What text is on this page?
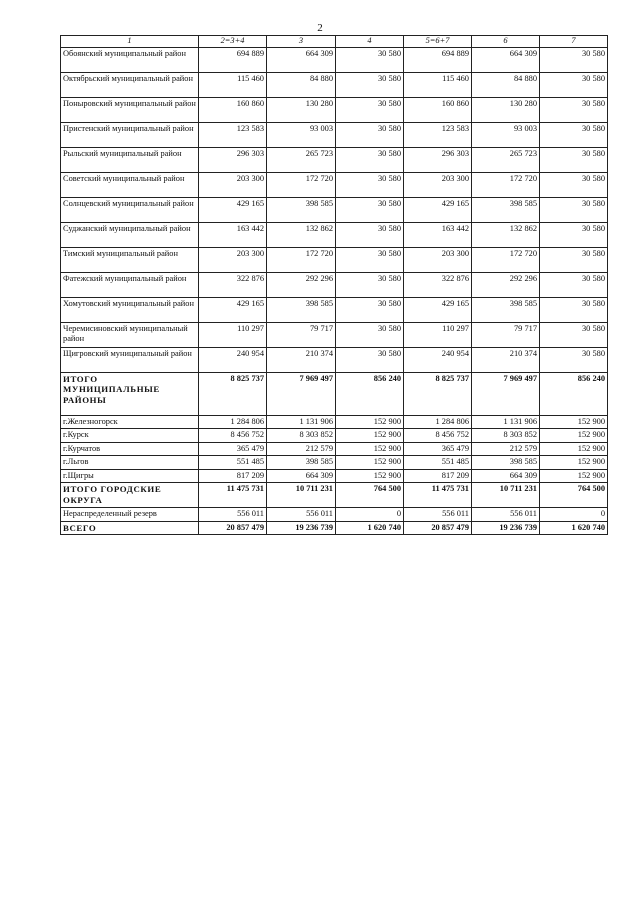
2
1	2=3+4	3	4	5=6+7	6	7
Обоянский муниципальный район	694 889	664 309	30 580	694 889	664 309	30 580
Октябрьский муниципальный район	115 460	84 880	30 580	115 460	84 880	30 580
Поныровский муниципальный район	160 860	130 280	30 580	160 860	130 280	30 580
Пристенский муниципальный район	123 583	93 003	30 580	123 583	93 003	30 580
Рыльский муниципальный район	296 303	265 723	30 580	296 303	265 723	30 580
Советский муниципальный район	203 300	172 720	30 580	203 300	172 720	30 580
Солнцевский муниципальный район	429 165	398 585	30 580	429 165	398 585	30 580
Суджанский муниципальный район	163 442	132 862	30 580	163 442	132 862	30 580
Тимский муниципальный район	203 300	172 720	30 580	203 300	172 720	30 580
Фатежский муниципальный район	322 876	292 296	30 580	322 876	292 296	30 580
Хомутовский муниципальный район	429 165	398 585	30 580	429 165	398 585	30 580
Черемисиновский муниципальный район	110 297	79 717	30 580	110 297	79 717	30 580
Щигровский муниципальный район	240 954	210 374	30 580	240 954	210 374	30 580
ИТОГО МУНИЦИПАЛЬНЫЕ РАЙОНЫ	8 825 737	7 969 497	856 240	8 825 737	7 969 497	856 240
г.Железногорск	1 284 806	1 131 906	152 900	1 284 806	1 131 906	152 900
г.Курск	8 456 752	8 303 852	152 900	8 456 752	8 303 852	152 900
г.Курчатов	365 479	212 579	152 900	365 479	212 579	152 900
г.Льгов	551 485	398 585	152 900	551 485	398 585	152 900
г.Щигры	817 209	664 309	152 900	817 209	664 309	152 900
ИТОГО ГОРОДСКИЕ ОКРУГА	11 475 731	10 711 231	764 500	11 475 731	10 711 231	764 500
Нераспределенный резерв	556 011	556 011	0	556 011	556 011	0
ВСЕГО	20 857 479	19 236 739	1 620 740	20 857 479	19 236 739	1 620 740
